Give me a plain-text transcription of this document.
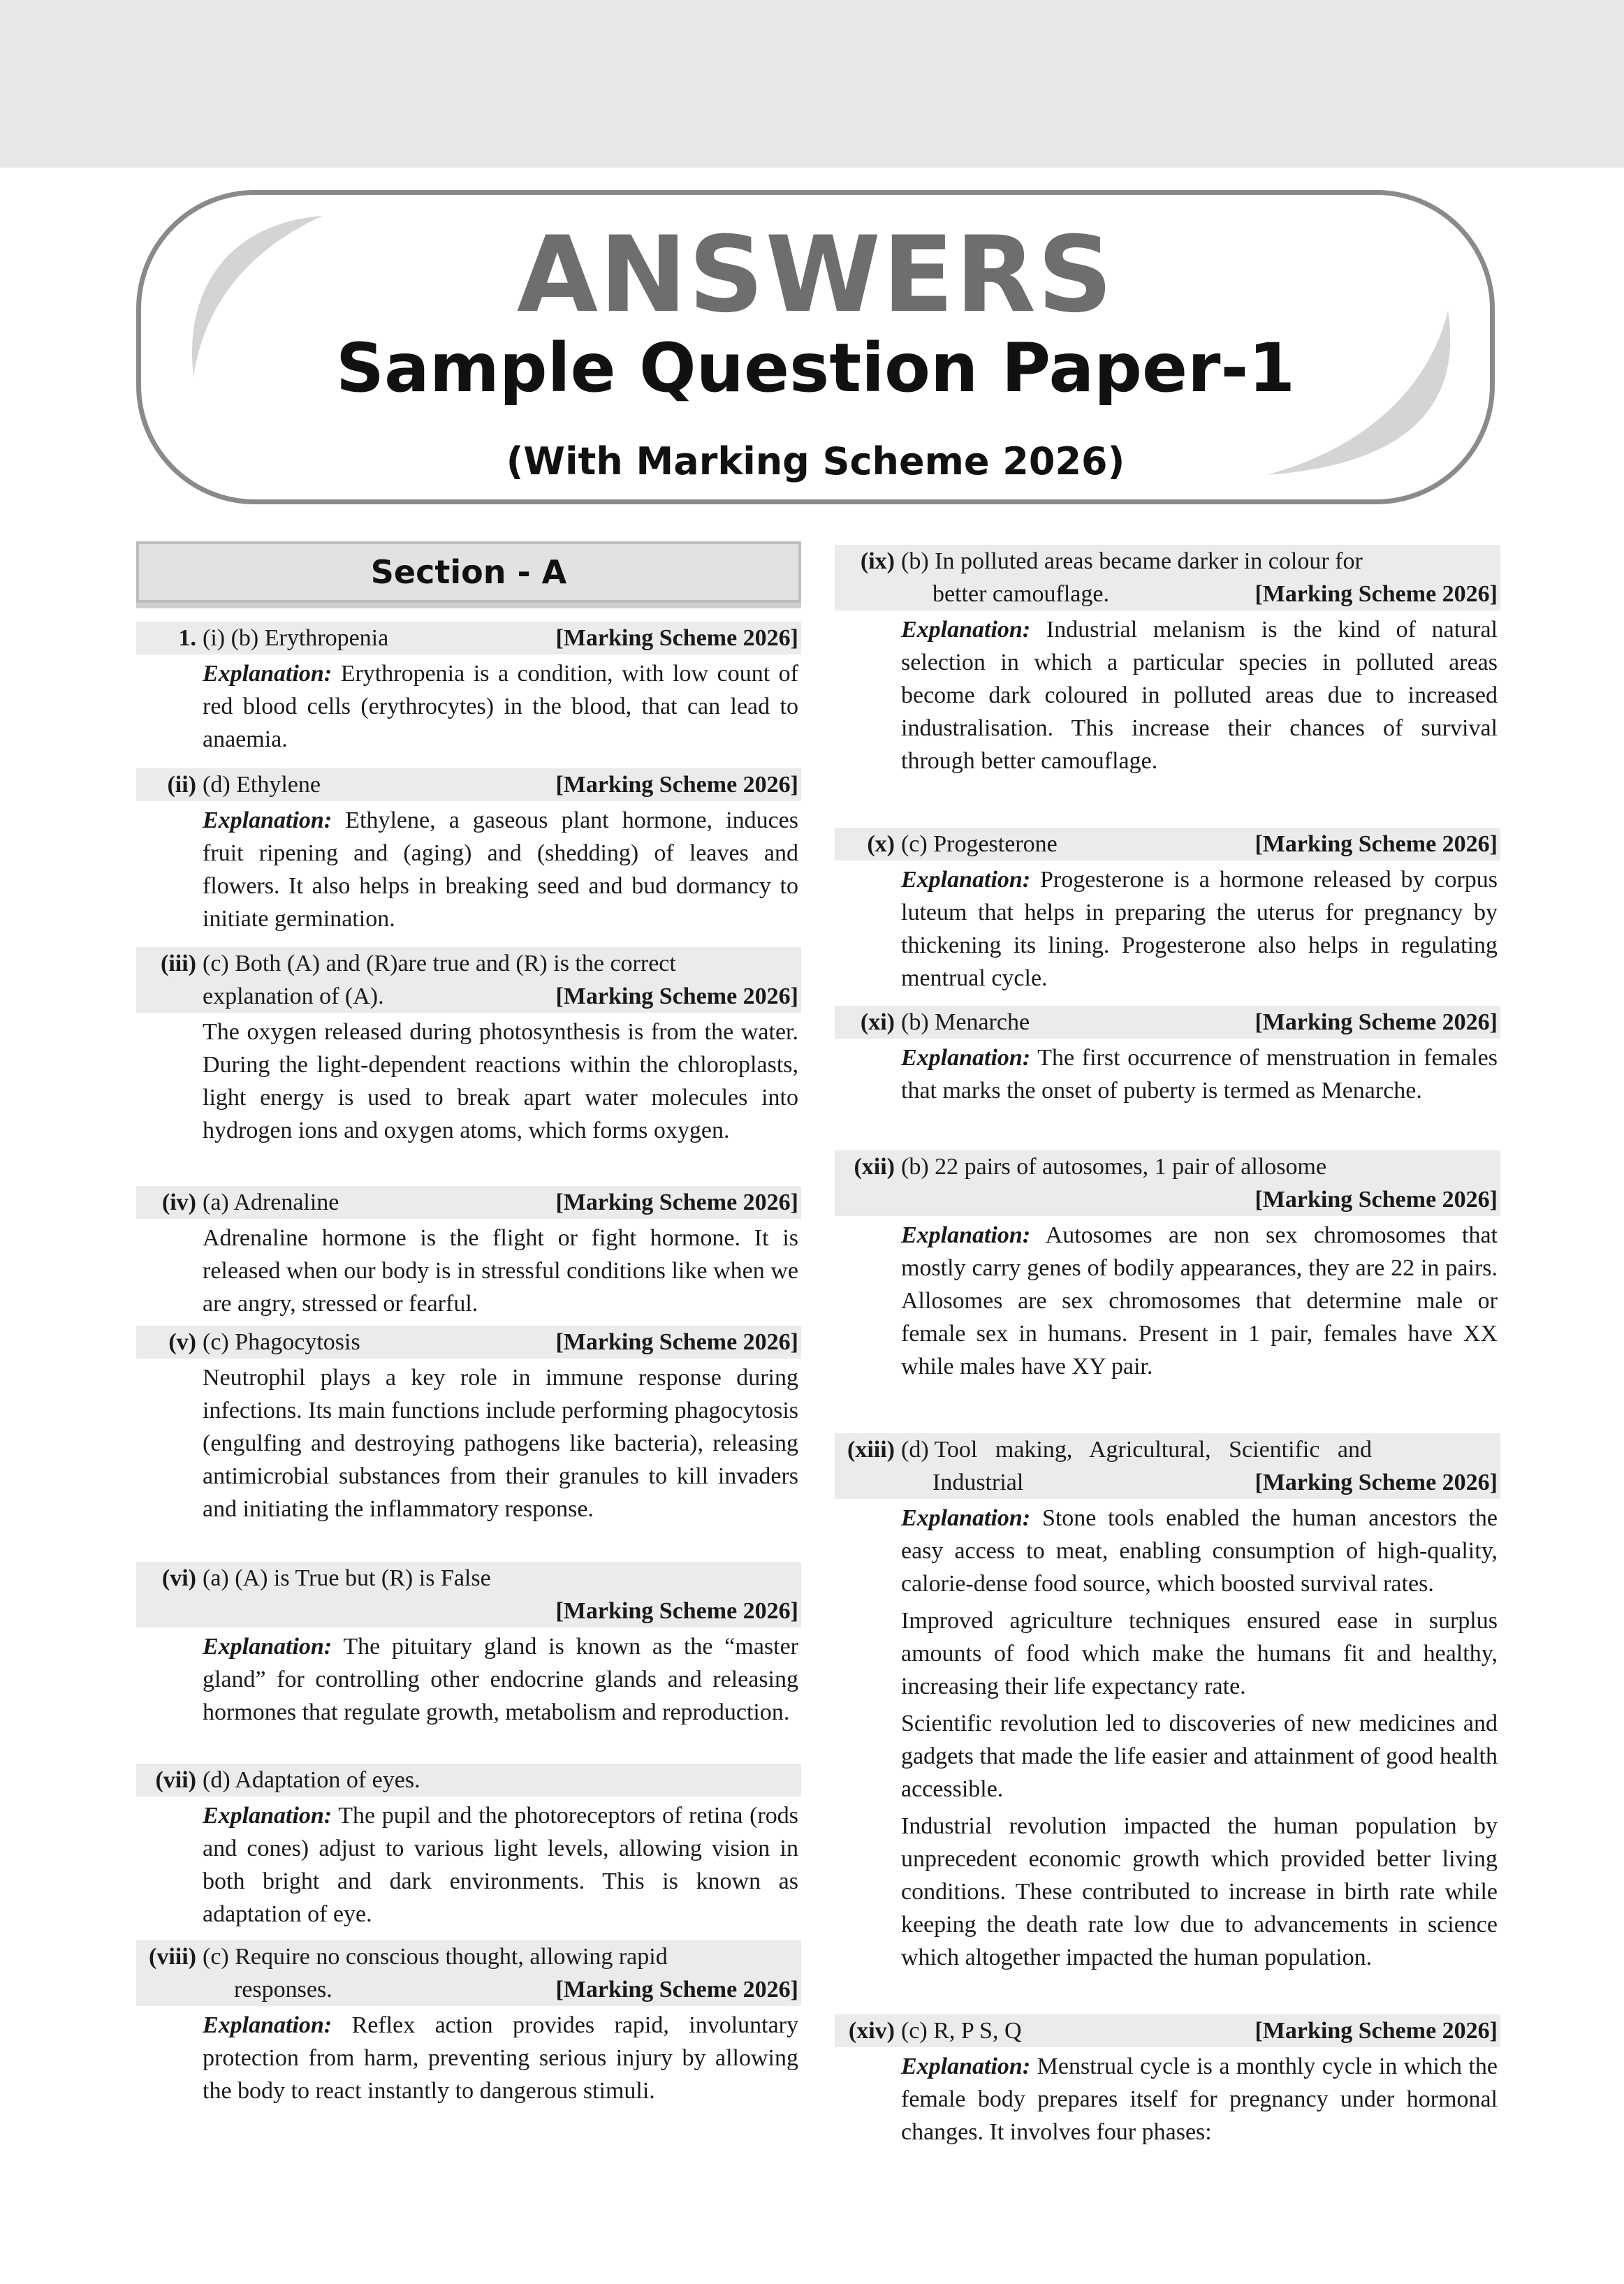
ANSWERS
Sample Question Paper-1
(With Marking Scheme 2026)
Section - A
1. (i) (b) Erythropenia	[Marking Scheme 2026]
Explanation: Erythropenia is a condition, with low count of red blood cells (erythrocytes) in the blood, that can lead to anaemia.
(ii) (d) Ethylene	[Marking Scheme 2026]
Explanation: Ethylene, a gaseous plant hormone, induces fruit ripening and (aging) and (shedding) of leaves and flowers. It also helps in breaking seed and bud dormancy to initiate germination.
(iii) (c) Both (A) and (R)are true and (R) is the correct
explanation of (A).	[Marking Scheme 2026]
The oxygen released during photosynthesis is from the water. During the light-dependent reactions within the chloroplasts, light energy is used to break apart water molecules into hydrogen ions and oxygen atoms, which forms oxygen.
(iv) (a) Adrenaline	[Marking Scheme 2026]
Adrenaline hormone is the flight or fight hormone. It is released when our body is in stressful conditions like when we are angry, stressed or fearful.
(v) (c) Phagocytosis	[Marking Scheme 2026]
Neutrophil plays a key role in immune response during infections. Its main functions include performing phagocytosis (engulfing and destroying pathogens like bacteria), releasing antimicrobial substances from their granules to kill invaders and initiating the inflammatory response.
(vi) (a) (A) is True but (R) is False
[Marking Scheme 2026]
Explanation: The pituitary gland is known as the “master gland” for controlling other endocrine glands and releasing hormones that regulate growth, metabolism and reproduction.
(vii) (d) Adaptation of eyes.
Explanation: The pupil and the photoreceptors of retina (rods and cones) adjust to various light levels, allowing vision in both bright and dark environments. This is known as adaptation of eye.
(viii) (c) Require no conscious thought, allowing rapid
responses.	[Marking Scheme 2026]
Explanation: Reflex action provides rapid, involuntary protection from harm, preventing serious injury by allowing the body to react instantly to dangerous stimuli.
(ix) (b) In polluted areas became darker in colour for
better camouflage.	[Marking Scheme 2026]
Explanation: Industrial melanism is the kind of natural selection in which a particular species in polluted areas become dark coloured in polluted areas due to increased industralisation. This increase their chances of survival through better camouflage.
(x) (c) Progesterone	[Marking Scheme 2026]
Explanation: Progesterone is a hormone released by corpus luteum that helps in preparing the uterus for pregnancy by thickening its lining. Progesterone also helps in regulating mentrual cycle.
(xi) (b) Menarche	[Marking Scheme 2026]
Explanation: The first occurrence of menstruation in females that marks the onset of puberty is termed as Menarche.
(xii) (b) 22 pairs of autosomes, 1 pair of allosome
[Marking Scheme 2026]
Explanation: Autosomes are non sex chromosomes that mostly carry genes of bodily appearances, they are 22 in pairs. Allosomes are sex chromosomes that determine male or female sex in humans. Present in 1 pair, females have XX while males have XY pair.
(xiii) (d) Tool   making,   Agricultural,   Scientific   and
Industrial	[Marking Scheme 2026]
Explanation: Stone tools enabled the human ancestors the easy access to meat, enabling consumption of high-quality, calorie-dense food source, which boosted survival rates.
Improved agriculture techniques ensured ease in surplus amounts of food which make the humans fit and healthy, increasing their life expectancy rate.
Scientific revolution led to discoveries of new medicines and gadgets that made the life easier and attainment of good health accessible.
Industrial revolution impacted the human population by unprecedent economic growth which provided better living conditions. These contributed to increase in birth rate while keeping the death rate low due to advancements in science which altogether impacted the human population.
(xiv) (c) R, P S, Q	[Marking Scheme 2026]
Explanation: Menstrual cycle is a monthly cycle in which the female body prepares itself for pregnancy under hormonal changes. It involves four phases:
